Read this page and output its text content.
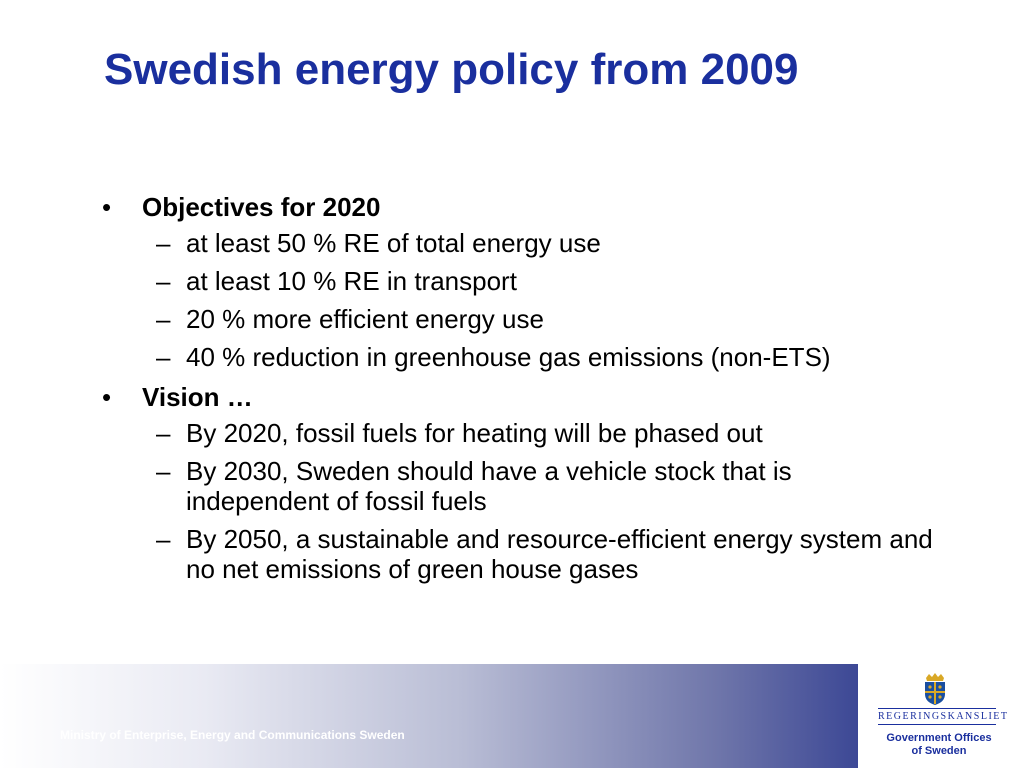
Swedish energy policy from 2009
• Objectives for 2020
– at least 50 % RE of total energy use
– at least 10 % RE in transport
– 20 % more efficient energy use
– 40 % reduction in greenhouse gas emissions (non-ETS)
• Vision …
– By 2020, fossil fuels for heating will be phased out
– By 2030, Sweden should have a vehicle stock that is independent of fossil fuels
– By 2050, a sustainable and resource-efficient energy system and no net emissions of green house gases
Ministry of Enterprise, Energy and Communications Sweden
REGERINGSKANSLIET
Government Offices
of Sweden
